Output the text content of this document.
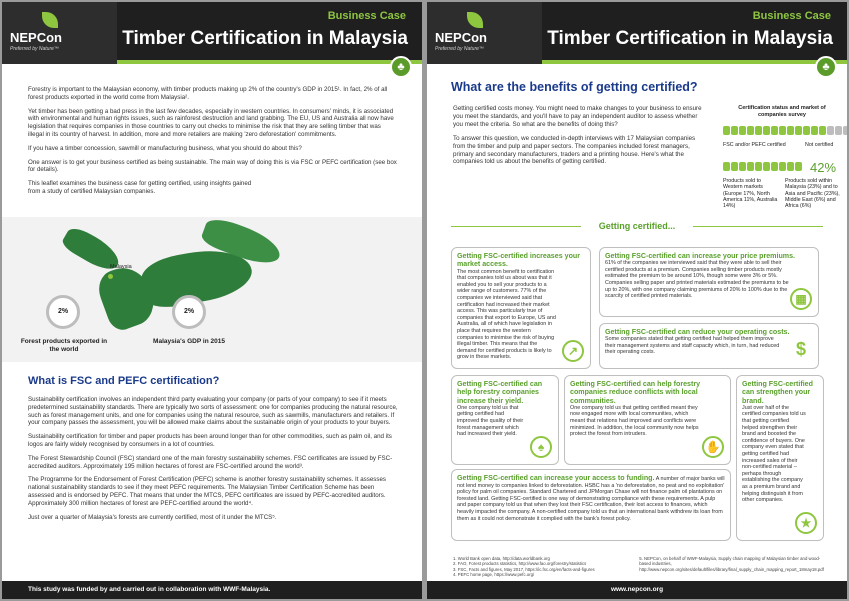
NEPCon
Preferred by Nature™
Business Case
Timber Certification in Malaysia
♣

Forestry is important to the Malaysian economy, with timber products making up 2% of the country's GDP in 2015¹. In fact, 2% of all forest products exported in the world come from Malaysia².

Yet timber has been getting a bad press in the last few decades, especially in western countries. In consumers' minds, it is associated with environmental and human rights issues, such as rainforest destruction and land grabbing. The EU, US and Australia all now have legislation that requires companies in those countries to carry out checks to minimise the risk that they are selling timber that was illegal in its country of harvest. In addition, more and more retailers are making 'zero deforestation' commitments.

If you have a timber concession, sawmill or manufacturing business, what you should do about this?

One answer is to get your business certified as being sustainable. The main way of doing this is via FSC or PEFC certification (see box for details).

This leaflet examines the business case for getting certified, using insights gained from a study of certified Malaysian companies.

Malaysia
2%
Forest products exported in the world
2%
Malaysia's GDP in 2015
What is FSC and PEFC certification?

Sustainability certification involves an independent third party evaluating your company (or parts of your company) to see if it meets predetermined sustainability standards. There are typically two sorts of assessment: one for companies producing the natural resource, such as forest management units, and one for companies using the natural resource, such as sawmills, manufacturers and retailers. If your company passes the assessment, you will be allowed make claims about the sustainable origin of your products to your buyers.

Sustainability certification for timber and paper products has been around longer than for other commodities, such as palm oil, and its logos are fairly widely recognised by consumers in a lot of countries.

The Forest Stewardship Council (FSC) standard one of the main forestry sustainability schemes. FSC certificates are issued by FSC-accredited auditors. Approximately 195 million hectares of forest are FSC-certified around the world³.

The Programme for the Endorsement of Forest Certification (PEFC) scheme is another forestry sustainability schemes. It assesses national sustainability standards to see if they meet PEFC requirements. The Malaysian Timber Certification Scheme has been assessed and is endorsed by PEFC. That means that under the MTCS, PEFC certificates are issued by PEFC-accredited auditors. Approximately 300 million hectares of forest are PEFC-certified around the world⁴.

Just over a quarter of Malaysia's forests are currently certified, most of it under the MTCS⁵.

This study was funded by and carried out in collaboration with WWF-Malaysia.
NEPCon
Preferred by Nature™
Business Case
Timber Certification in Malaysia
♣
What are the benefits of getting certified?

Getting certified costs money. You might need to make changes to your business to ensure you meet the standards, and you'll have to pay an independent auditor to assess whether you meet the criteria. So what are the benefits of doing this?

To answer this question, we conducted in-depth interviews with 17 Malaysian companies from the timber and pulp and paper sectors. The companies included forest managers, primary and secondary manufacturers, traders and a printing house. Here's what the companies told us about the benefits of getting certified.

Certification status and market of companies survey
FSC and/or PEFC certified	Not certified
42%
Products sold to Western markets (Europe 17%, North America 11%, Australia 14%)
Products sold within Malaysia (23%) and to Asia and Pacific (23%), Middle East (6%) and Africa (6%)
Getting certified...
Getting FSC-certified increases your market access.
The most common benefit to certification that companies told us about was that it enabled you to sell your products to a wider range of customers. 77% of the companies we interviewed said that certification had increased their market access. This was particularly true of companies that export to Europe, US and Australia, all of which have legislation in place that requires the western companies to minimise the risk of buying illegal timber. This means that the demand for certified products is likely to grow in these markets.	↗
Getting FSC-certified can increase your price premiums.
61% of the companies we interviewed said that they were able to sell their certified products at a premium. Companies selling timber products mostly estimated the premium to be around 10%, though some were 3% or 5%. Companies selling paper and printed materials estimated the premiums to be up to 20%, with one company claiming premiums of 20% to 100% due to the scarcity of certified printed materials.	▦
Getting FSC-certified can reduce your operating costs.
Some companies stated that getting certified had helped them improve their management systems and staff capacity which, in turn, had reduced their operating costs.	$
Getting FSC-certified can help forestry companies increase their yield.
One company told us that getting certified had improved the quality of their forest management which had increased their yield.
♠
Getting FSC-certified can help forestry companies reduce conflicts with local communities.
One company told us that getting certified meant they now engaged more with local communities, which meant that relations had improved and conflicts were minimized. In addition, the local community now helps protect the forest from intruders.
✋
Getting FSC-certified can strengthen your brand.
Just over half of the certified companies told us that getting certified helped strengthen their brand and boosted the confidence of buyers. One company even stated that getting certified had increased sales of their non-certified material – perhaps through establishing the company as a premium brand and helping distinguish it from other companies.
★
Getting FSC-certified can increase your access to funding. A number of major banks will not lend money to companies linked to deforestation. HSBC has a 'no deforestation, no peat and no exploitation' policy for palm oil companies. Standard Chartered and JPMorgan Chase will not finance palm oil plantations on forested land. Getting FSC-certified is one way of demonstrating compliance with these requirements. A pulp and paper company told us that when they lost their FSC certification, their lost access to finances, which heavily impacted the company. A non-certified company told us that an international bank withdrew its loan from them as it could not demonstrate it complied with the bank's forest policy.
1. World Bank open data, http://data.worldbank.org
2. FAO, Forest products statistics, http://www.fao.org/forestry/statistics
3. FSC, Facts and figures, May 2017, https://ic.fsc.org/en/facts-and-figures
4. PEFC home page, https://www.pefc.org/

5. NEPCon, on behalf of WWF-Malaysia, Supply chain mapping of Malaysian timber and wood-based industries, http://www.nepcon.org/sites/default/files/library/final_supply_chain_mapping_report_18may18.pdf
www.nepcon.org
